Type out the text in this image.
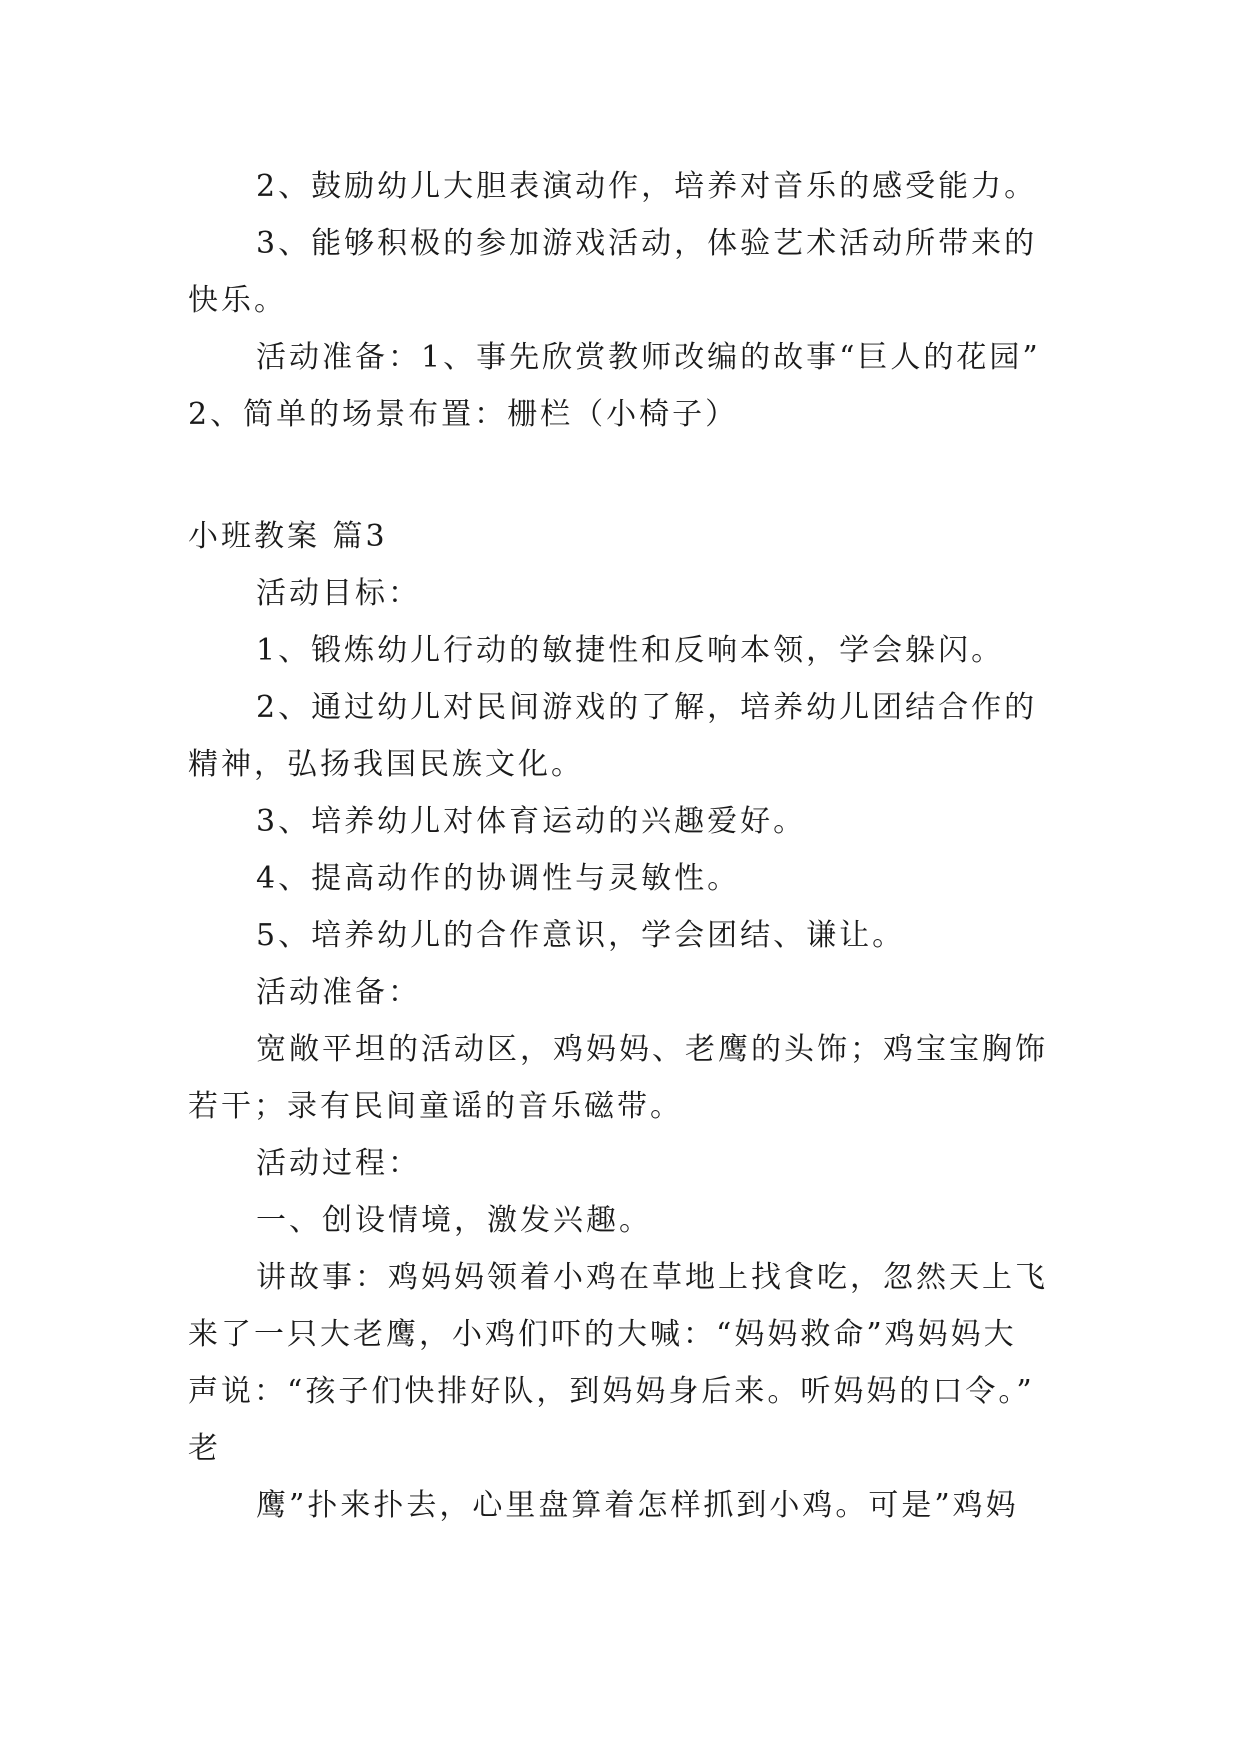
2、鼓励幼儿大胆表演动作，培养对音乐的感受能力。
3、能够积极的参加游戏活动，体验艺术活动所带来的
快乐。
活动准备：1、事先欣赏教师改编的故事“巨人的花园”
2、简单的场景布置：栅栏（小椅子）
小班教案 篇3
活动目标：
1、锻炼幼儿行动的敏捷性和反响本领，学会躲闪。
2、通过幼儿对民间游戏的了解，培养幼儿团结合作的
精神，弘扬我国民族文化。
3、培养幼儿对体育运动的兴趣爱好。
4、提高动作的协调性与灵敏性。
5、培养幼儿的合作意识，学会团结、谦让。
活动准备：
宽敞平坦的活动区，鸡妈妈、老鹰的头饰；鸡宝宝胸饰
若干；录有民间童谣的音乐磁带。
活动过程：
一、创设情境，激发兴趣。
讲故事：鸡妈妈领着小鸡在草地上找食吃，忽然天上飞
来了一只大老鹰，小鸡们吓的大喊：“妈妈救命”鸡妈妈大
声说：“孩子们快排好队，到妈妈身后来。听妈妈的口令。”
老
鹰”扑来扑去，心里盘算着怎样抓到小鸡。可是”鸡妈
